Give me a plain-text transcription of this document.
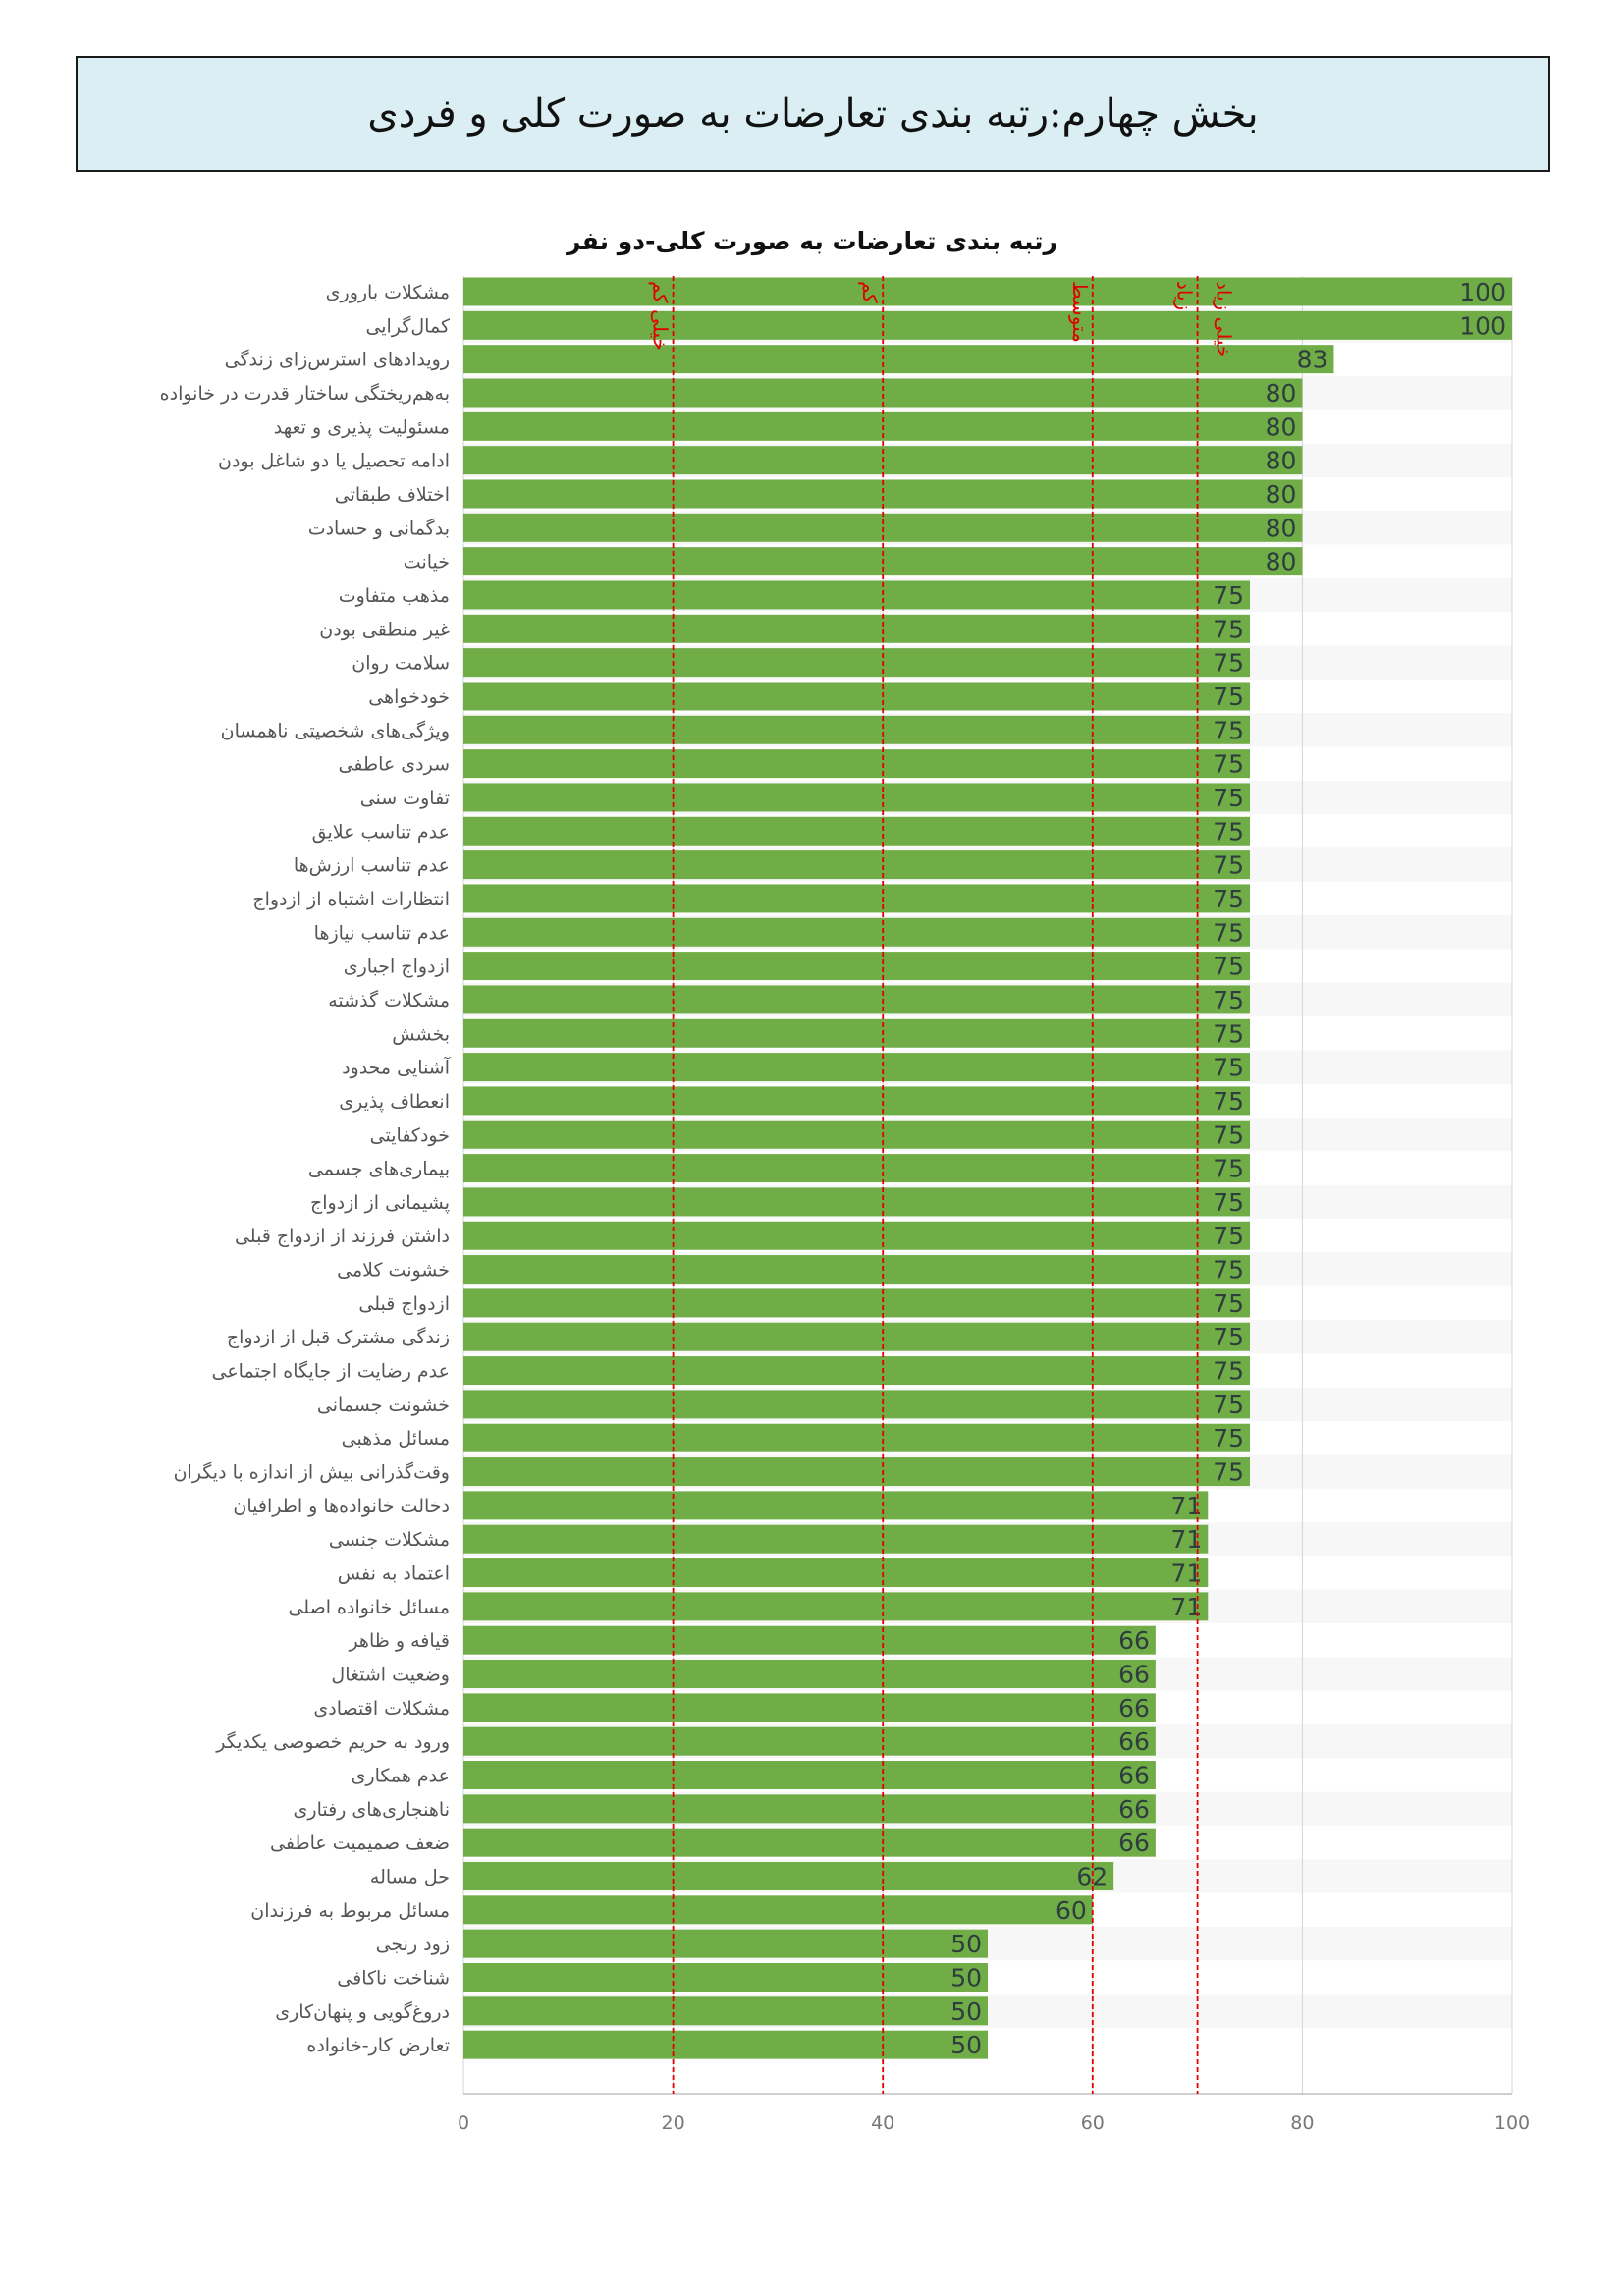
بخش چهارم:رتبه بندی تعارضات به صورت کلی و فردی
رتبه بندی تعارضات به صورت کلی-دو نفر
100
100
83
80
80
80
80
80
80
75
75
75
75
75
75
75
75
75
75
75
75
75
75
75
75
75
75
75
75
75
75
75
75
75
75
75
71
71
71
71
66
66
66
66
66
66
66
62
60
50
50
50
50
خیلی کم	کم	متوسط	زیاد خیلی زیاد
مشکلات باروری
کمال‌گرایی
رویدادهای استرس‌زای زندگی
به‌هم‌ریختگی ساختار قدرت در خانواده
مسئولیت پذیری و تعهد
ادامه تحصیل یا دو شاغل بودن
اختلاف طبقاتی
بدگمانی و حسادت
خیانت
مذهب متفاوت
غیر منطقی بودن
سلامت روان
خودخواهی
ویژگی‌های شخصیتی ناهمسان
سردی عاطفی
تفاوت سنی
عدم تناسب علایق
عدم تناسب ارزش‌ها
انتظارات اشتباه از ازدواج
عدم تناسب نیازها
ازدواج اجباری
مشکلات گذشته
بخشش
آشنایی محدود
انعطاف پذیری
خودکفایتی
بیماری‌های جسمی
پشیمانی از ازدواج
داشتن فرزند از ازدواج قبلی
خشونت کلامی
ازدواج قبلی
زندگی مشترک قبل از ازدواج
عدم رضایت از جایگاه اجتماعی
خشونت جسمانی
مسائل مذهبی
وقت‌گذرانی بیش از اندازه با دیگران
دخالت خانواده‌ها و اطرافیان
مشکلات جنسی
اعتماد به نفس
مسائل خانواده اصلی
قیافه و ظاهر
وضعیت اشتغال
مشکلات اقتصادی
ورود به حریم خصوصی یکدیگر
عدم همکاری
ناهنجاری‌های رفتاری
ضعف صمیمیت عاطفی
حل مساله
مسائل مربوط به فرزندان
زود رنجی
شناخت ناکافی
دروغ‌گویی و پنهان‌کاری
تعارض کار-خانواده
0	20	40	60	80	100
